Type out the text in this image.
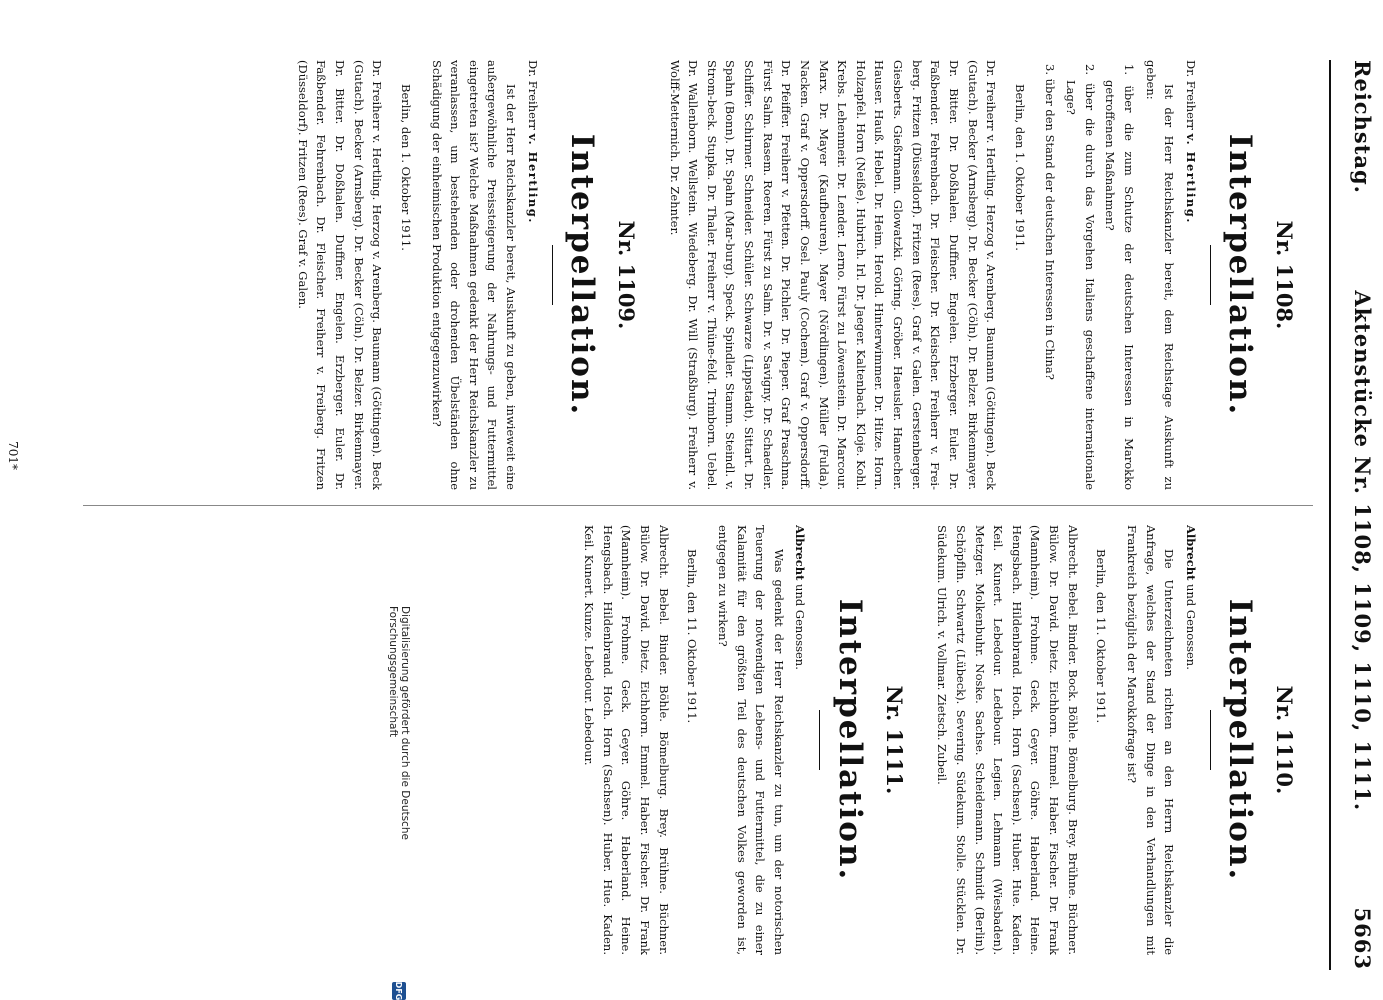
Reichstag.
Aktenstücke Nr. 1108, 1109, 1110, 1111.
5663
Nr. 1108.
Interpellation.

Dr. Freiherr v. Hertling.

Ist der Herr Reichskanzler bereit, dem Reichstage Auskunft zu geben:

1. über die zum Schutze der deutschen Interessen in Marokko getroffenen Maßnahmen?

2. über die durch das Vorgehen Italiens geschaffene internationale Lage?

3. über den Stand der deutschen Interessen in China?

Berlin, den 1. Oktober 1911.

Dr. Freiherr v. Hertling. Herzog v. Arenberg. Baumann (Göttingen). Beck (Gutach). Becker (Arnsberg). Dr. Becker (Cöln). Dr. Belzer. Birkenmayer. Dr. Bitter. Dr. Doßhalen. Duffner. Engelen. Erzberger. Euler. Dr. Faßbender. Fehrenbach. Dr. Fleischer. Dr. Kleischer. Freiherr v. Frei-berg. Fritzen (Düsseldorf). Fritzen (Rees). Graf v. Galen. Gerstenberger. Giesberts. Gießrmann. Glowatzki. Göring. Gröber. Haeusler. Hamecher. Hauser. Hauß. Hebel. Dr. Heim. Herold. Hinterwimmer. Dr. Hitze. Horn. Holzapfel. Horn (Neiße). Hubrich. Irl. Dr. Jaeger. Kaltenbach. Kloje. Kohl. Krebs. Lehenmeir. Dr. Lender. Lerno. Fürst zu Löwenstein. Dr. Marcour. Marx. Dr. Mayer (Kaufbeuren). Mayer (Nördlingen). Müller (Fulda). Nacken. Graf v. Oppersdorff. Osel. Pauly (Cochem). Graf v. Oppersdorff. Dr. Pfeiffer. Freiherr v. Pfetten. Dr. Pichler. Dr. Pieper. Graf Praschma. Fürst Salm. Rasem. Roeren. Fürst zu Salm. Dr. v. Savigny. Dr. Schaedler. Schiffer. Schirmer. Schneider. Schüler. Schwarze (Lippstadt). Sittart. Dr. Spahn (Bonn). Dr. Spahn (Mar-burg). Speck. Spindler. Stamm. Steindl. v. Strom-beck. Stupka. Dr. Thaler. Freiherr v. Thüne-feld. Trimborn. Uebel. Dr. Wallenborn. Wellstein. Wiedeberg. Dr. Will (Straßburg). Freiherr v. Wolff-Metternich. Dr. Zehnter.

Nr. 1109.
Interpellation.

Dr. Freiherr v. Hertling.

Ist der Herr Reichskanzler bereit, Auskunft zu geben, inwieweit eine außergewöhnliche Preissteigerung der Nahrungs- und Futtermittel eingetreten ist? Welche Maßnahmen gedenkt der Herr Reichskanzler zu veranlassen, um bestehenden oder drohenden Übelständen ohne Schädigung der einheimischen Produktion entgegenzuwirken?

Berlin, den 1. Oktober 1911.

Dr. Freiherr v. Hertling. Herzog v. Arenberg. Baumann (Göttingen). Beck (Gutach). Becker (Arnsberg). Dr. Becker (Cöln). Dr. Belzer. Birkenmayer. Dr. Bitter. Dr. Doßhalen. Duffner. Engelen. Erzberger. Euler. Dr. Faßbender. Fehrenbach. Dr. Fleischer. Freiherr v. Freiberg. Fritzen (Düsseldorf). Fritzen (Rees). Graf v. Galen.

Nr. 1110.
Interpellation.

Albrecht und Genossen.

Die Unterzeichneten richten an den Herrn Reichskanzler die Anfrage, welches der Stand der Dinge in den Verhandlungen mit Frankreich bezüglich der Marokkofrage ist?

Berlin, den 11. Oktober 1911.

Albrecht. Bebel. Binder. Bock. Böhle. Bömelburg. Brey. Brühne. Büchner. Bülow. Dr. David. Dietz. Eichhorn. Emmel. Haber. Fischer. Dr. Frank (Mannheim). Frohme. Geck. Geyer. Göhre. Haberland. Heine. Hengsbach. Hildenbrand. Hoch. Horn (Sachsen). Huber. Hue. Kaden. Keil. Kunert. Lebedour. Ledebour. Legien. Lehmann (Wiesbaden). Metzger. Molkenbuhr. Noske. Sachse. Scheidemann. Schmidt (Berlin). Schöpflin. Schwartz (Lübeck). Severing. Südekum. Stolle. Stücklen. Dr. Südekum. Ulrich. v. Vollmar. Zietsch. Zubeil.

Nr. 1111.
Interpellation.

Albrecht und Genossen.

Was gedenkt der Herr Reichskanzler zu tun, um der notorischen Teuerung der notwendigen Lebens- und Futtermittel, die zu einer Kalamität für den größten Teil des deutschen Volkes geworden ist, entgegen zu wirken?

Berlin, den 11. Oktober 1911.

Albrecht. Bebel. Binder. Böhle. Bömelburg. Brey. Brühne. Büchner. Bülow. Dr. David. Dietz. Eichhorn. Emmel. Haber. Fischer. Dr. Frank (Mannheim). Frohme. Geck. Geyer. Göhre. Haberland. Heine. Hengsbach. Hildenbrand. Hoch. Horn (Sachsen). Huber. Hue. Kaden. Keil. Kunert. Kunze. Lebedour. Lebedour.

701*
Digitalisierung gefördert durch die Deutsche Forschungsgemeinschaft
DFG
